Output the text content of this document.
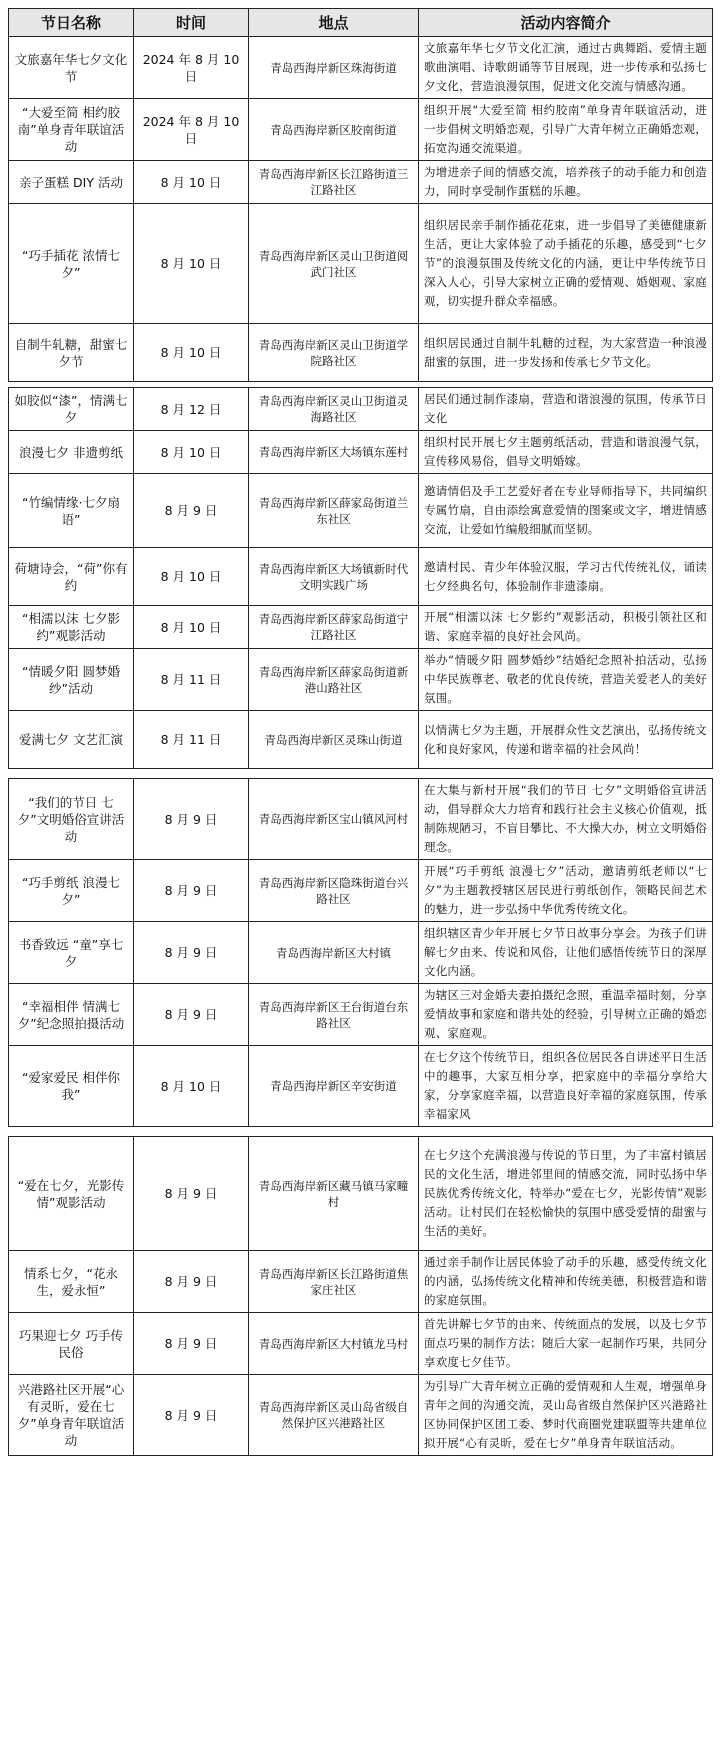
节日名称	时间	地点	活动内容简介
文旅嘉年华七夕文化节	2024 年 8 月 10 日	青岛西海岸新区珠海街道	文旅嘉年华七夕节文化汇演，通过古典舞蹈、爱情主题歌曲演唱、诗歌朗诵等节目展现，进一步传承和弘扬七夕文化，营造浪漫氛围，促进文化交流与情感沟通。
“大爱至简 相约胶南”单身青年联谊活动	2024 年 8 月 10 日	青岛西海岸新区胶南街道	组织开展“大爱至简 相约胶南”单身青年联谊活动，进一步倡树文明婚恋观，引导广大青年树立正确婚恋观，拓宽沟通交流渠道。
亲子蛋糕 DIY 活动	8 月 10 日	青岛西海岸新区长江路街道三江路社区	为增进亲子间的情感交流，培养孩子的动手能力和创造力，同时享受制作蛋糕的乐趣。
“巧手插花 浓情七夕”	8 月 10 日	青岛西海岸新区灵山卫街道阅武门社区	组织居民亲手制作插花花束，进一步倡导了美德健康新生活，更让大家体验了动手插花的乐趣，感受到“七夕节”的浪漫氛围及传统文化的内涵，更让中华传统节日深入人心，引导大家树立正确的爱情观、婚姻观、家庭观，切实提升群众幸福感。
自制牛轧糖，甜蜜七夕节	8 月 10 日	青岛西海岸新区灵山卫街道学院路社区	组织居民通过自制牛轧糖的过程，为大家营造一种浪漫甜蜜的氛围，进一步发扬和传承七夕节文化。

如胶似“漆”，情满七夕	8 月 12 日	青岛西海岸新区灵山卫街道灵海路社区	居民们通过制作漆扇，营造和谐浪漫的氛围，传承节日文化
浪漫七夕 非遗剪纸	8 月 10 日	青岛西海岸新区大场镇东莲村	组织村民开展七夕主题剪纸活动，营造和谐浪漫气氛，宣传移风易俗，倡导文明婚嫁。
“竹编情缘·七夕扇语”	8 月 9 日	青岛西海岸新区薛家岛街道兰东社区	邀请情侣及手工艺爱好者在专业导师指导下，共同编织专属竹扇，自由添绘寓意爱情的图案或文字，增进情感交流，让爱如竹编般细腻而坚韧。
荷塘诗会，“荷”你有约	8 月 10 日	青岛西海岸新区大场镇新时代文明实践广场	邀请村民、青少年体验汉服，学习古代传统礼仪，诵读七夕经典名句，体验制作非遗漆扇。
“相濡以沫 七夕影约”观影活动	8 月 10 日	青岛西海岸新区薛家岛街道宁江路社区	开展“相濡以沫 七夕影约”观影活动，积极引领社区和谐、家庭幸福的良好社会风尚。
“情暖夕阳 圆梦婚纱”活动	8 月 11 日	青岛西海岸新区薛家岛街道新港山路社区	举办“情暖夕阳 圆梦婚纱”结婚纪念照补拍活动，弘扬中华民族尊老、敬老的优良传统，营造关爱老人的美好氛围。
爱满七夕 文艺汇演	8 月 11 日	青岛西海岸新区灵珠山街道	以情满七夕为主题，开展群众性文艺演出，弘扬传统文化和良好家风，传递和谐幸福的社会风尚！

“我们的节日 七夕”文明婚俗宣讲活动	8 月 9 日	青岛西海岸新区宝山镇风河村	在大集与新村开展“我们的节日 七夕”文明婚俗宣讲活动，倡导群众大力培育和践行社会主义核心价值观，抵制陈规陋习，不盲目攀比、不大操大办，树立文明婚俗理念。
“巧手剪纸 浪漫七夕”	8 月 9 日	青岛西海岸新区隐珠街道台兴路社区	开展“巧手剪纸 浪漫七夕”活动，邀请剪纸老师以“七夕”为主题教授辖区居民进行剪纸创作，领略民间艺术的魅力，进一步弘扬中华优秀传统文化。
书香致远 “童”享七夕	8 月 9 日	青岛西海岸新区大村镇	组织辖区青少年开展七夕节日故事分享会。为孩子们讲解七夕由来、传说和风俗，让他们感悟传统节日的深厚文化内涵。
“幸福相伴 情满七夕”纪念照拍摄活动	8 月 9 日	青岛西海岸新区王台街道台东路社区	为辖区三对金婚夫妻拍摄纪念照，重温幸福时刻，分享爱情故事和家庭和谐共处的经验，引导树立正确的婚恋观、家庭观。
“爱家爱民 相伴你我”	8 月 10 日	青岛西海岸新区辛安街道	在七夕这个传统节日，组织各位居民各自讲述平日生活中的趣事，大家互相分享，把家庭中的幸福分享给大家，分享家庭幸福，以营造良好幸福的家庭氛围，传承幸福家风

“爱在七夕，光影传情”观影活动	8 月 9 日	青岛西海岸新区藏马镇马家疃村	在七夕这个充满浪漫与传说的节日里，为了丰富村镇居民的文化生活，增进邻里间的情感交流，同时弘扬中华民族优秀传统文化，特举办“爱在七夕，光影传情”观影活动。让村民们在轻松愉快的氛围中感受爱情的甜蜜与生活的美好。
情系七夕，“花永生，爱永恒”	8 月 9 日	青岛西海岸新区长江路街道焦家庄社区	通过亲手制作让居民体验了动手的乐趣，感受传统文化的内涵，弘扬传统文化精神和传统美德，积极营造和谐的家庭氛围。
巧果迎七夕 巧手传民俗	8 月 9 日	青岛西海岸新区大村镇龙马村	首先讲解七夕节的由来、传统面点的发展，以及七夕节面点巧果的制作方法；随后大家一起制作巧果，共同分享欢度七夕佳节。
兴港路社区开展“心有灵昕，爱在七夕”单身青年联谊活动	8 月 9 日	青岛西海岸新区灵山岛省级自然保护区兴港路社区	为引导广大青年树立正确的爱情观和人生观，增强单身青年之间的沟通交流，灵山岛省级自然保护区兴港路社区协同保护区团工委、梦时代商圈党建联盟等共建单位拟开展“心有灵昕，爱在七夕”单身青年联谊活动。
